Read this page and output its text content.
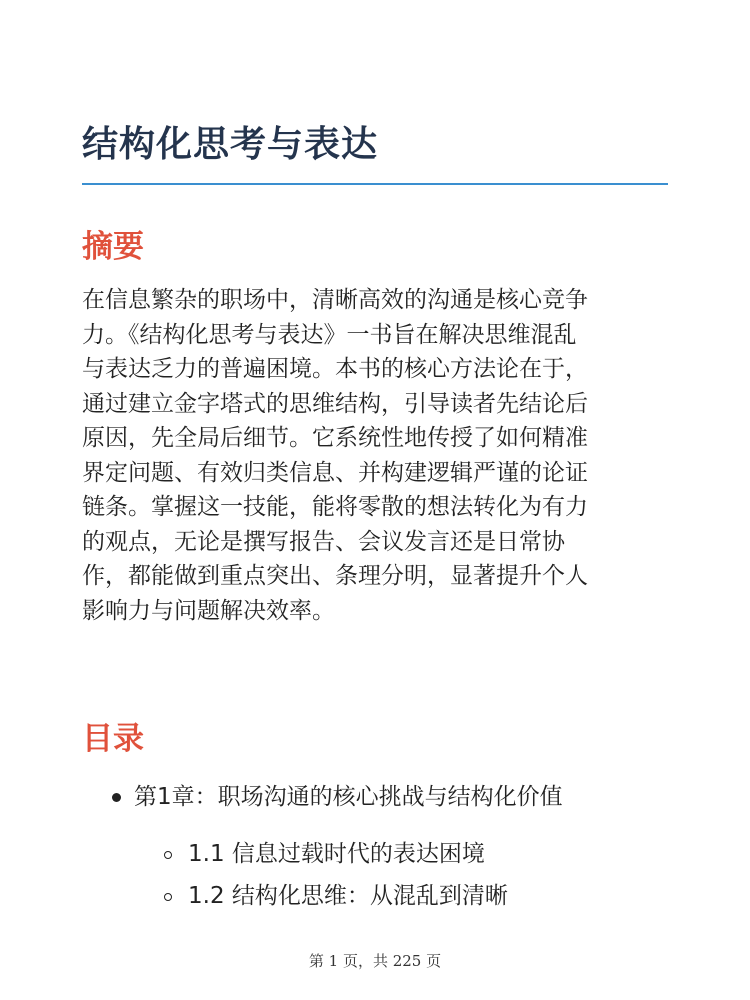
结构化思考与表达
摘要

在信息繁杂的职场中，清晰高效的沟通是核心竞争
力。《结构化思考与表达》一书旨在解决思维混乱
与表达乏力的普遍困境。本书的核心方法论在于，
通过建立金字塔式的思维结构，引导读者先结论后
原因，先全局后细节。它系统性地传授了如何精准
界定问题、有效归类信息、并构建逻辑严谨的论证
链条。掌握这一技能，能将零散的想法转化为有力
的观点，无论是撰写报告、会议发言还是日常协
作，都能做到重点突出、条理分明，显著提升个人
影响力与问题解决效率。

目录
第1章：职场沟通的核心挑战与结构化价值
1.1 信息过载时代的表达困境
1.2 结构化思维：从混乱到清晰
第 1 页，共 225 页
